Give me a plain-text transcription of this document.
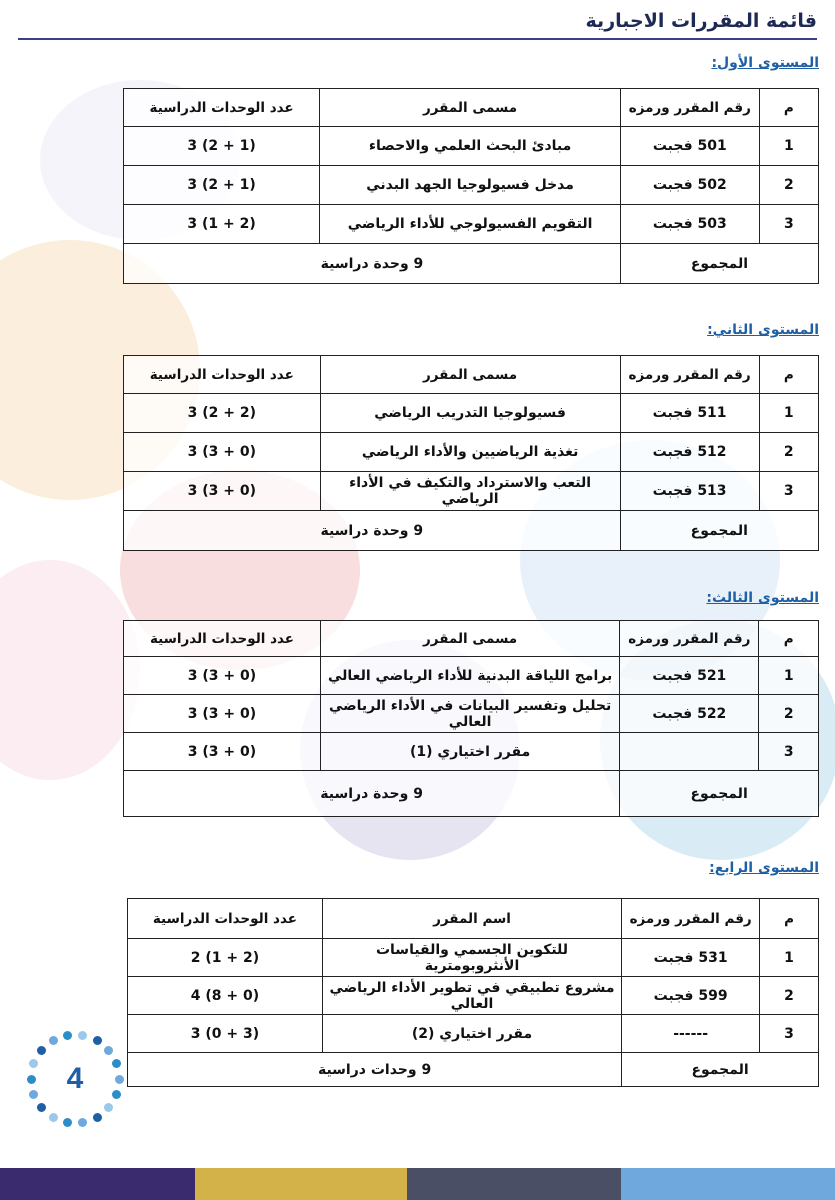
قائمة المقررات الاجبارية
المستوى الأول:
م	رقم المقرر ورمزه	مسمى المقرر	عدد الوحدات الدراسية
1	501 فجبت	مبادئ البحث العلمي والاحصاء	3 (2 + 1)
2	502 فجبت	مدخل فسيولوجيا الجهد البدني	3 (2 + 1)
3	503 فجبت	التقويم الفسيولوجي للأداء الرياضي	3 (1 + 2)
المجموع		9 وحدة دراسية	
المستوى الثاني:
م	رقم المقرر ورمزه	مسمى المقرر	عدد الوحدات الدراسية
1	511 فجبت	فسيولوجيا التدريب الرياضي	3 (2 + 2)
2	512 فجبت	تغذية الرياضيين والأداء الرياضي	3 (3 + 0)
3	513 فجبت	التعب والاسترداد والتكيف في الأداء الرياضي	3 (3 + 0)
المجموع		9 وحدة دراسية	
المستوى الثالث:
م	رقم المقرر ورمزه	مسمى المقرر	عدد الوحدات الدراسية
1	521 فجبت	برامج اللياقة البدنية للأداء الرياضي العالي	3 (3 + 0)
2	522 فجبت	تحليل وتفسير البيانات في الأداء الرياضي العالي	3 (3 + 0)
3		مقرر اختياري (1)	3 (3 + 0)
المجموع		9 وحدة دراسية	
المستوى الرابع:
م	رقم المقرر ورمزه	اسم المقرر	عدد الوحدات الدراسية
1	531 فجبت	للتكوين الجسمي والقياسات الأنثروبومترية	2 (1 + 2)
2	599 فجبت	مشروع تطبيقي في تطوير الأداء الرياضي العالي	4 (8 + 0)
3	------	مقرر اختياري (2)	3 (0 + 3)
المجموع		9 وحدات دراسية	
4
